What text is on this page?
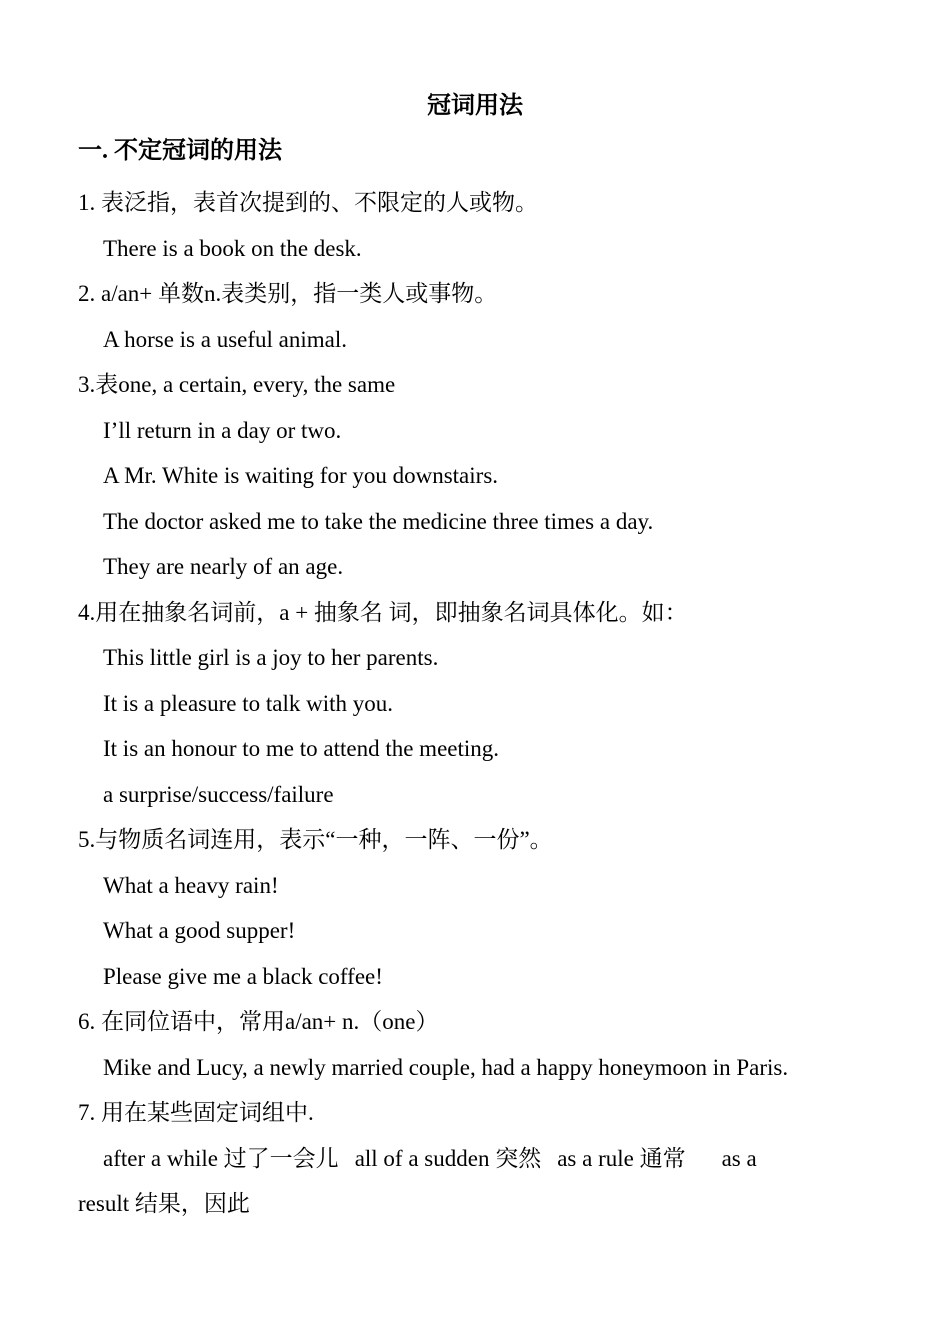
冠词用法
一. 不定冠词的用法
1. 表泛指，表首次提到的、不限定的人或物。
There is a book on the desk.
2. a/an+ 单数n.表类别，指一类人或事物。
A horse is a useful animal.
3.表one, a certain, every, the same
I’ll return in a day or two.
A Mr. White is waiting for you downstairs.
The doctor asked me to take the medicine three times a day.
They are nearly of an age.
4.用在抽象名词前，a + 抽象名 词，即抽象名词具体化。如：
This little girl is a joy to her parents.
It is a pleasure to talk with you.
It is an honour to me to attend the meeting.
a surprise/success/failure
5.与物质名词连用，表示“一种，一阵、一份”。
What a heavy rain!
What a good supper!
Please give me a black coffee!
6. 在同位语中，常用a/an+ n.（one）
Mike and Lucy, a newly married couple, had a happy honeymoon in Paris.
7. 用在某些固定词组中.
after a while 过了一会儿 all of a sudden 突然 as a rule 通常 as a
result 结果，因此
